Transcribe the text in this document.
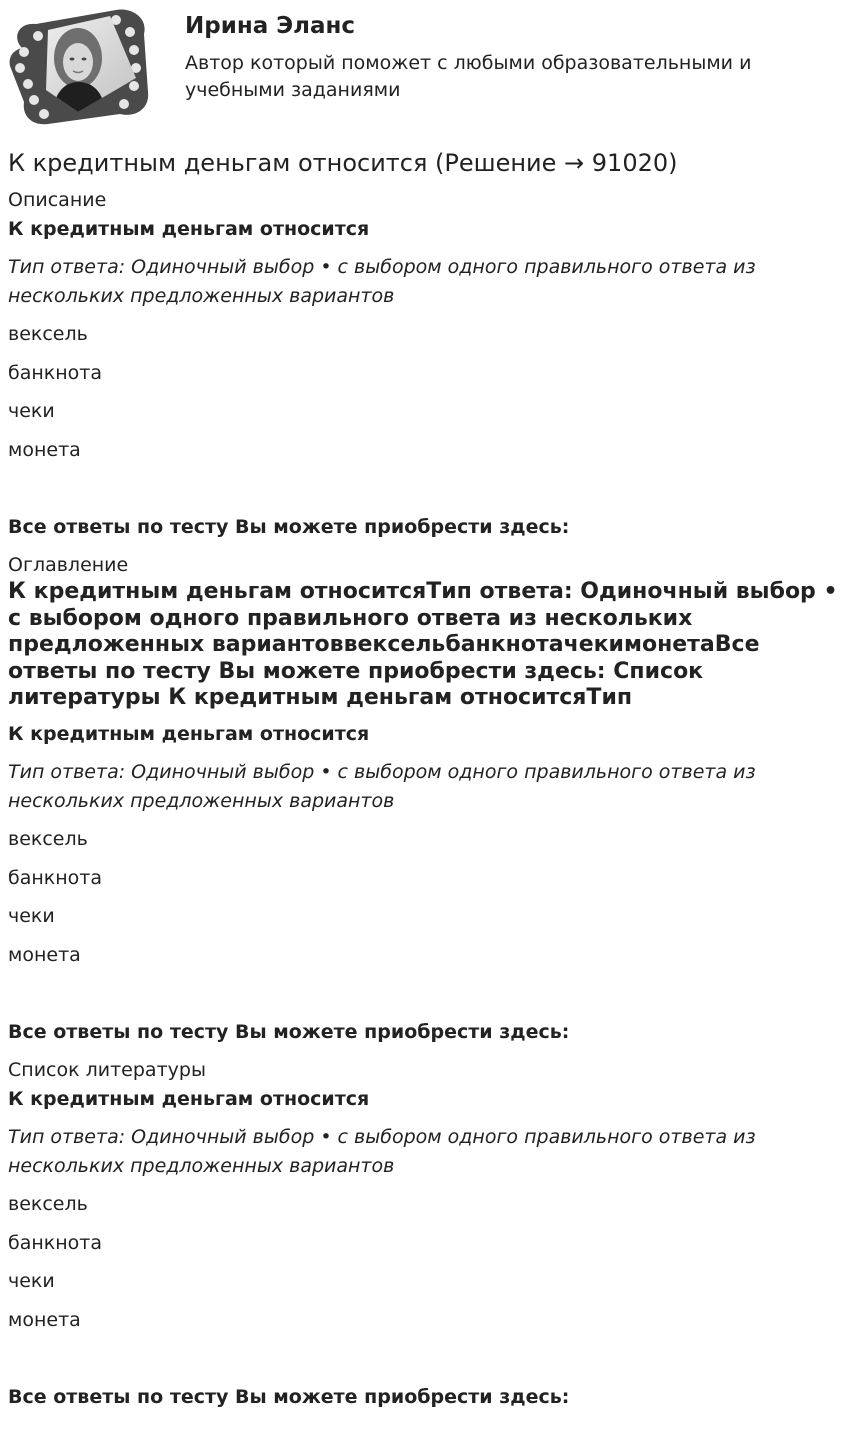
Ирина Эланс
Автор который поможет с любыми образовательными и учебными заданиями
К кредитным деньгам относится (Решение → 91020)
Описание
К кредитным деньгам относится
Тип ответа: Одиночный выбор • с выбором одного правильного ответа из нескольких предложенных вариантов
вексель
банкнота
чеки
монета
Все ответы по тесту Вы можете приобрести здесь:
Оглавление
К кредитным деньгам относитсяТип ответа: Одиночный выбор • с выбором одного правильного ответа из нескольких предложенных вариантоввексельбанкнотачекимонетаВсе ответы по тесту Вы можете приобрести здесь: Список литературы К кредитным деньгам относитсяТип
К кредитным деньгам относится
Тип ответа: Одиночный выбор • с выбором одного правильного ответа из нескольких предложенных вариантов
вексель
банкнота
чеки
монета
Все ответы по тесту Вы можете приобрести здесь:
Список литературы
К кредитным деньгам относится
Тип ответа: Одиночный выбор • с выбором одного правильного ответа из нескольких предложенных вариантов
вексель
банкнота
чеки
монета
Все ответы по тесту Вы можете приобрести здесь:
